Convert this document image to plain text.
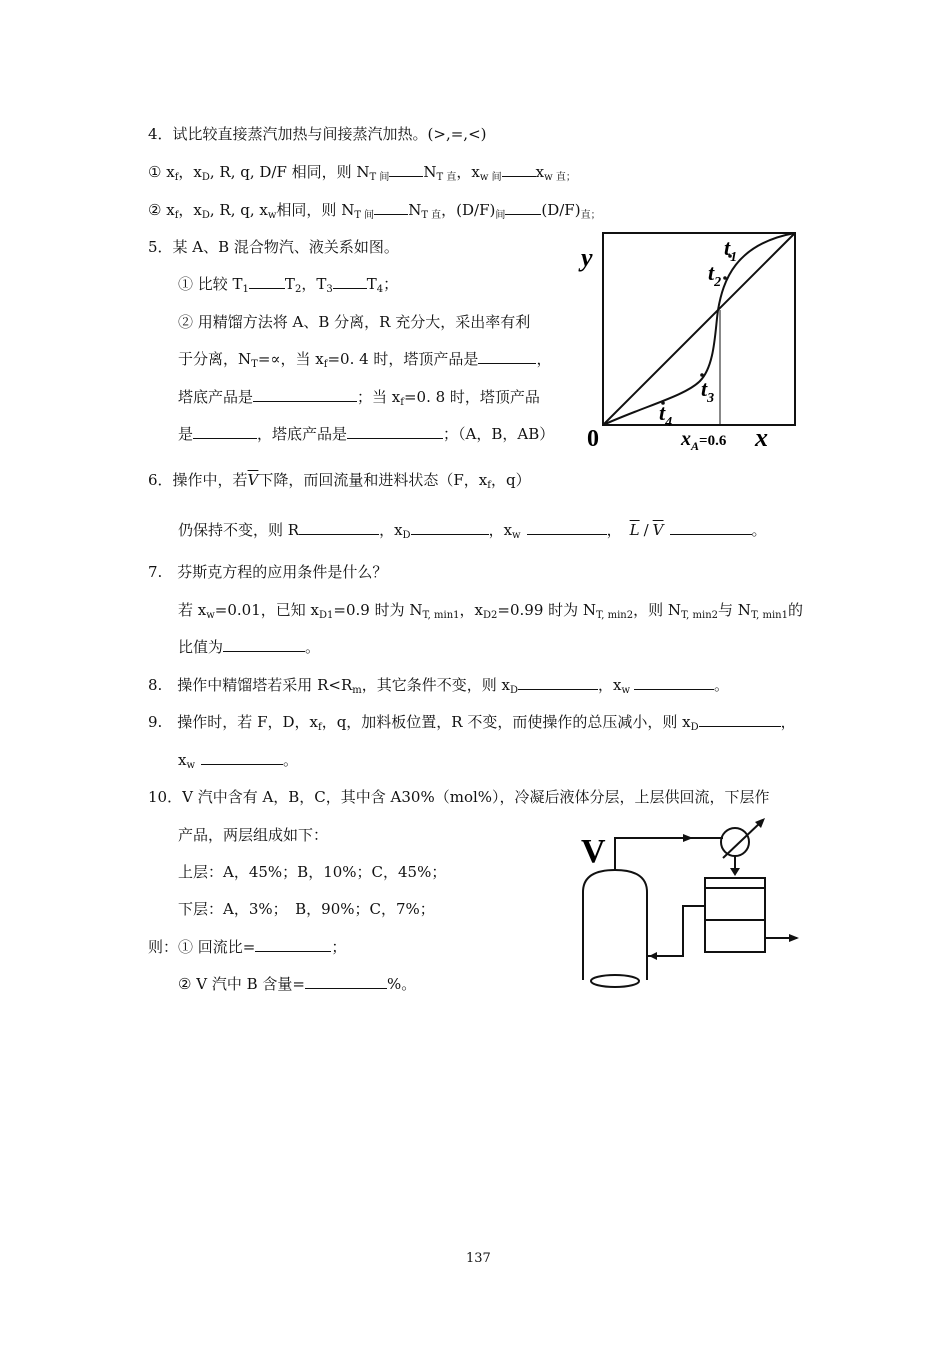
4．试比较直接蒸汽加热与间接蒸汽加热。(>,=,<)
① $x_f$，$x_D$, R, q, D/F 相同，则 $N_{T 间}$ $N_{T 直}$，$x_{w 间}$ $x_{w 直;}$
② $x_f$，$x_D$, R, q, $x_w$相同，则 $N_{T 间}$ $N_{T 直}$，$(D/F)_间$ $(D/F)_{直;}$
5．某 A、B 混合物汽、液关系如图。
① 比较 $T_1$ $T_2$，$T_3$ $T_4$；
② 用精馏方法将 A、B 分离，R 充分大，采出率有利
于分离，$N_T=\propto$，当 $x_f=0$. 4 时，塔顶产品是	，
塔底产品是	；当 $x_f=0$. 8 时，塔顶产品
是	，塔底产品是	；（A，B，AB）
y
0	x
$t_1$
$t_2$
$t_3$
$t_4$
$x_A^{=0.6}$
6．操作中，若$\overline{V}$下降，而回流量和进料状态（F，$x_f$，q）
仍保持不变，则 R	，$x_D$	，$x_w$	， $\overline{L} / \overline{V}$	。
7.　芬斯克方程的应用条件是什么？
若 $x_w=0.01$，已知 $x_{D1}=0.9$ 时为 $N_{T, min1}$，$x_{D2}=0.99$ 时为 $N_{T, min2}$，则 $N_{T, min2}$与 $N_{T, min1}$的
比值为	。
8.　操作中精馏塔若采用 $R<R_m$，其它条件不变，则 $x_D$	，$x_w$	。
9.　操作时，若 F，D，$x_f$，q，加料板位置，R 不变，而使操作的总压减小，则 $x_D$	，
$x_w$	。
10．V 汽中含有 A，B，C，其中含 A30%（mol%），冷凝后液体分层，上层供回流，下层作
产品，两层组成如下：
上层：A，45%；B，10%；C，45%；
下层：A，3%；　B，90%；C，7%；
则：① 回流比=	；
② V 汽中 B 含量=	%。
V
137
